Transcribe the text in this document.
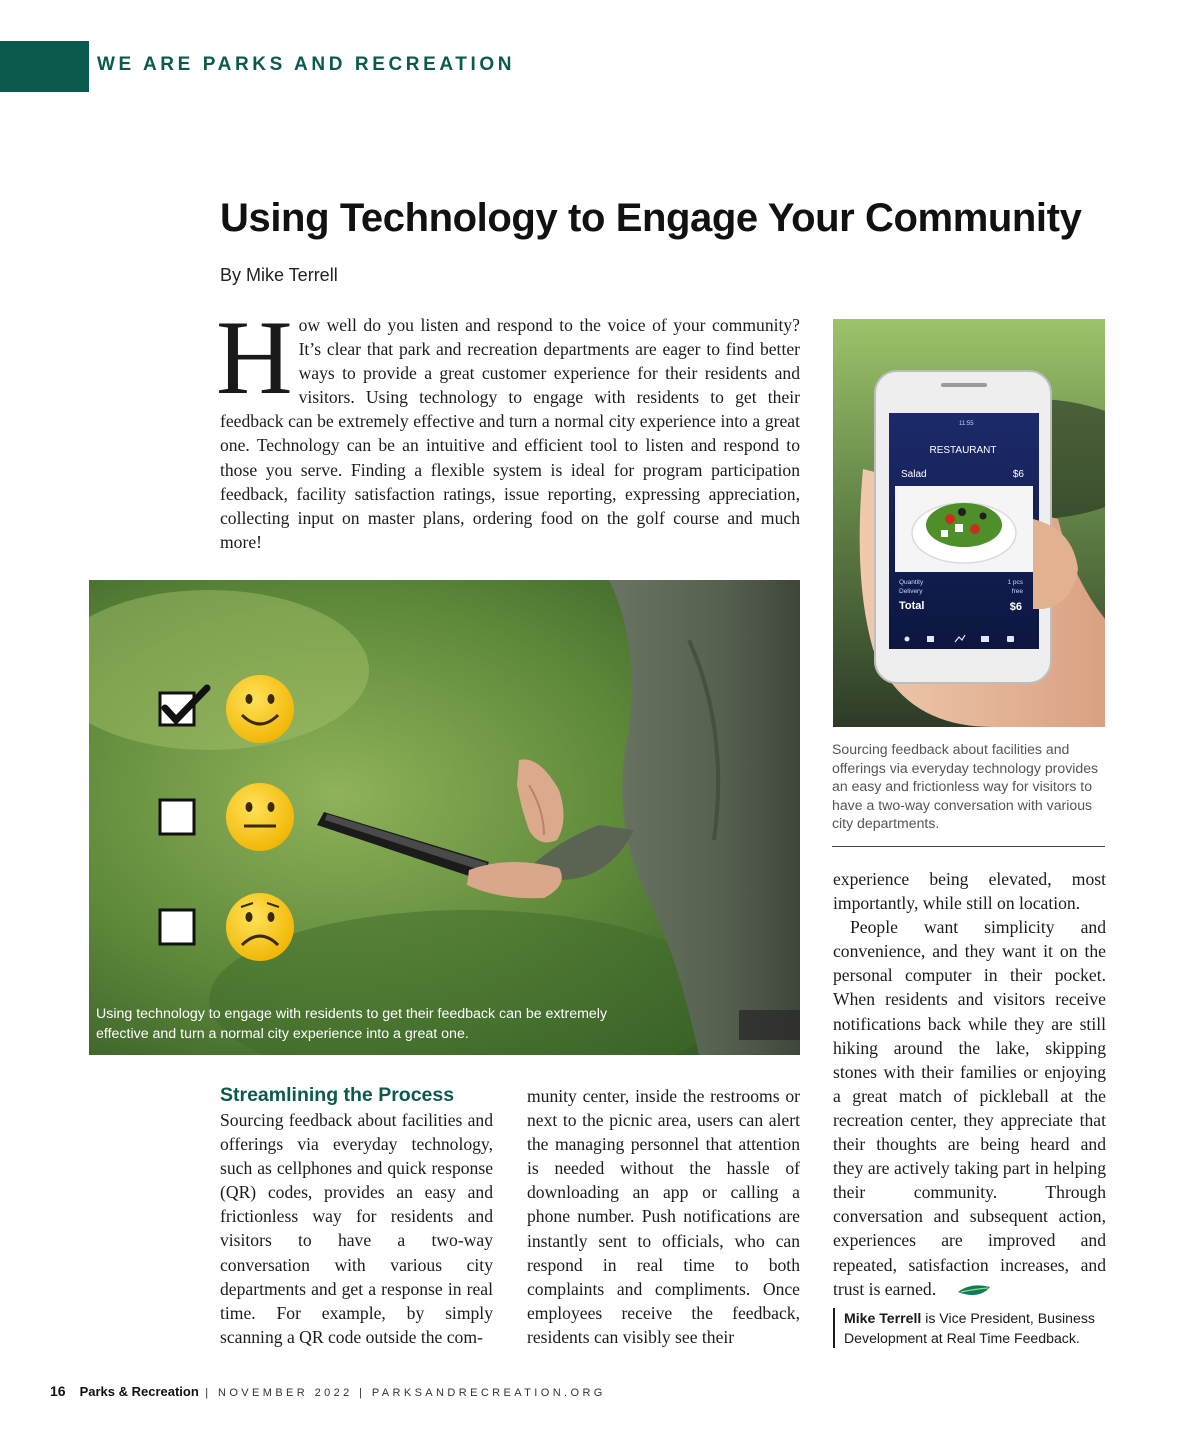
WE ARE PARKS AND RECREATION
Using Technology to Engage Your Community
By Mike Terrell
How well do you listen and respond to the voice of your community? It’s clear that park and recreation departments are eager to find better ways to provide a great customer experience for their residents and visitors. Using technology to engage with residents to get their feedback can be extremely effective and turn a normal city experience into a great one. Technology can be an intuitive and efficient tool to listen and respond to those you serve. Finding a flexible system is ideal for program participation feedback, facility satisfaction ratings, issue reporting, expressing appreciation, collecting input on master plans, ordering food on the golf course and much more!
Using technology to engage with residents to get their feedback can be extremely effective and turn a normal city experience into a great one.
11:55
RESTAURANT
Salad	$6
Quantity	1 pcs
Delivery	free
Total	$6
Sourcing feedback about facilities and offerings via everyday technology provides an easy and frictionless way for visitors to have a two-way conversation with various city departments.
Streamlining the Process

Sourcing feedback about facilities and offerings via everyday technology, such as cellphones and quick response (QR) codes, provides an easy and frictionless way for residents and visitors to have a two-way conversation with various city departments and get a response in real time. For example, by simply scanning a QR code outside the com-

munity center, inside the restrooms or next to the picnic area, users can alert the managing personnel that attention is needed without the hassle of downloading an app or calling a phone number. Push notifications are instantly sent to officials, who can respond in real time to both complaints and compliments. Once employees receive the feedback, residents can visibly see their

experience being elevated, most importantly, while still on location.

People want simplicity and convenience, and they want it on the personal computer in their pocket. When residents and visitors receive notifications back while they are still hiking around the lake, skipping stones with their families or enjoying a great match of pickleball at the recreation center, they appreciate that their thoughts are being heard and they are actively taking part in helping their community. Through conversation and subsequent action, experiences are improved and repeated, satisfaction increases, and trust is earned.

Mike Terrell is Vice President, Business Development at Real Time Feedback.
16 Parks & Recreation | NOVEMBER 2022 | PARKSANDRECREATION.ORG
